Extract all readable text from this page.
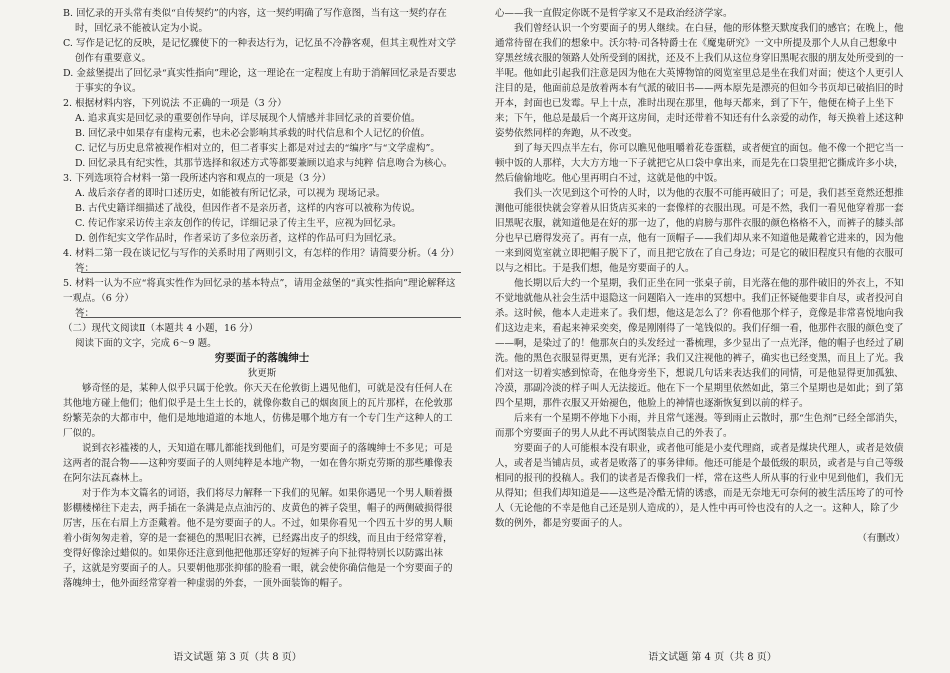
B. 回忆录的开头常有类似“自传契约”的内容，这一契约明确了写作意图，当有这一契约存在时，回忆录不能被认定为小说。

C. 写作是记忆的反映，是记忆骤使下的一种表达行为，记忆虽不冷静客观，但其主观性对文学创作有重要意义。

D. 金兹堡提出了回忆录“真实性指向”理论，这一理论在一定程度上有助于消解回忆录是否要忠于事实的争议。

2. 根据材料内容，下列说法 不正确的一项是（3 分）

A. 追求真实是回忆录的重要创作导向，详尽展现个人情感并非回忆录的首要价值。

B. 回忆录中如果存有虚构元素，也未必会影响其承载的时代信息和个人记忆的价值。

C. 记忆与历史息常被视作相对立的，但二者事实上都是对过去的“编序”与“文学虚构”。

D. 回忆录具有纪实性，其那节选择和叙述方式等都要兼顾以追求与纯粹 信息吻合为核心。

3. 下列选项符合材料一第一段所述内容和观点的一项是（3 分）

A. 战后亲存者的即时口述历史，如能被有所记忆录，可以视为 现场记录。

B. 古代史籍详细描述了战役，但因作者不是亲历者，这样的内容可以被称为传说。

C. 传记作家采访传主亲友创作的传记，详细记录了传主生平，应视为回忆录。

D. 创作纪实文学作品时，作者采访了多位亲历者，这样的作品可归为回忆录。

4. 材料二第一段在谈记忆与写作的关系时用了两则引文，有怎样的作用？请简要分析。（4 分）

答：

5. 材料一认为不应“将真实性作为回忆录的基本特点”，请用金兹堡的“真实性指向”理论解释这一观点。（6 分）

答：

（二）现代文阅读Ⅱ（本题共 4 小题，16 分）

阅读下面的文字，完成 6～9 题。

穷要面子的落魄绅士

狄更斯

够奇怪的是，某种人似乎只属于伦敦。你天天在伦敦街上遇见他们，可就是没有任何人在其他地方碰上他们；他们似乎是土生土长的，就像你数自己的烟囱顶上的瓦片那样，在伦敦那纷繁芜杂的大都市中，他们是地地道道的本地人，仿佛是哪个地方有一个专门生产这种人的工厂似的。

说到衣衫褴褛的人，天知道在哪儿都能找到他们，可是穷要面子的落魄绅士不多见；可是这两者的混合物——这种穷要面子的人则纯粹是本地产物，一如在鲁尔斯克劳斯的那些雕像表在阿尔法瓦森林上。

对于作为本文篇名的词语，我们将尽力解释一下我们的见解。如果你遇见一个男人顺着摄影棚楼梯往下走去，两手插在一条满是点点油污的、皮黄色的裤子袋里，帽子的两侧破损得很厉害，压在右眉上方歪戴着。他不是穷要面子的人。不过，如果你看见一个四五十岁的男人顺着小街匆匆走着，穿的是一套褪色的黑呢旧衣裤，已经露出皮子的织线，而且由于经常穿着，变得好像涂过蜡似的。如果你还注意到他把他那还穿好的短裤子向下扯得特别长以防露出袜子，这就是穷要面子的人。只要朝他那张抑郁的脸看一眼，就会使你确信他是一个穷要面子的落魄绅士，他外面经常穿着一种虚弱的外套，一顶外面装饰的帽子。

语文试题 第 3 页（共 8 页）

心——我一直假定你既不是哲学家又不是政治经济学家。

我们曾经认识一个穷要面子的男人继续。在白昼，他的形体整天默度我们的感官；在晚上，他通常待留在我们的想象中。沃尔特·司各特爵士在《魔鬼研究》一文中所提及那个人从自己想象中穿黑丝绒衣服的领路人处所受到的困扰，还及不上我们从这位身穿旧黑呢衣服的朋友处所受到的一半呢。他如此引起我们注意是因为他在大英博物馆的阅览室里总是坐在我们对面；使这个人更引人注目的是，他面前总是放着两本有气派的破旧书——两本原先是漂亮的但如今书页却已破掐旧的时开本，封面也已发霉。早上十点，准时出现在那里，他每天都来，到了下午，他便在椅子上坐下来；下午，他总是最后一个离开这房间，走时还带着不知还有什么亲爱的动作，每天换着上述这种姿势依然同样的奔跑，从不改变。

到了每天四点半左右，你可以瞧见他咀嚼着花卷蛋糕，或者便宜的面包。他不像一个把它当一顿中饭的人那样，大大方方地一下子就把它从口袋中拿出来，而是先在口袋里把它撕成许多小块，然后偷偷地吃。他心里再明白不过，这就是他的中饭。

我们头一次见到这个可怜的人时，以为他的衣服不可能再破旧了；可是，我们甚至竟然还想推测他可能很快就会穿着从旧货店买来的一套像样的衣服出现。可是不然，我们一看见他穿着那一套旧黑呢衣服，就知道他是在好的那一边了，他的肩膀与那件衣服的颜色格格不入，而裤子的膝头部分也早已磨得发亮了。再有一点，他有一顶帽子——我们却从来不知道他是戴着它进来的，因为他一来到阅览室就立即把帽子脱下了，而且把它放在了自己身边；可是它的破旧程度只有他的衣服可以与之相比。于是我们想，他是穷要面子的人。

他长期以后大约一个星期，我们正坐在同一张桌子前，目光落在他的那件破旧的外衣上，不知不觉地就他从社会生活中退隐这一问题陷入一连串的冥想中。我们正怀疑他要非自尽，或者投河自杀。这时候，他本人走进来了。我们想，他这是怎么了？你看他那个样子，竟像是非常喜悦地向我们这边走来，看起来神采奕奕，像是刚刚得了一笔钱似的。我们仔细一看，他那件衣服的颜色变了——啊，是染过了的！他那灰白的头发经过一番梳理，多少显出了一点光泽，他的帽子也经过了刷洗。他的黑色衣服显得更黑，更有光泽；我们又注视他的裤子，确实也已经变黑，而且上了光。我们对这一切着实感到惊奇，在他身旁坐下，想说几句话来表达我们的同情，可是他显得更加孤独、冷漠，那副冷淡的样子叫人无法接近。他在下一个星期里依然如此，第三个星期也是如此；到了第四个星期，那件衣服又开始褪色，他脸上的神情也逐渐恢复到以前的样子。

后来有一个星期不停地下小雨，并且常气迷漫。等到雨止云散时，那“生色剂”已经全部消失，而那个穷要面子的男人从此不再试图装点自己的外表了。

穷要面子的人可能根本没有职业，或者他可能是小麦代理商，或者是煤块代理人，或者是效债人，或者是当铺店员，或者是败落了的事务律师。他还可能是个最低级的职员，或者是与自己等级相同的报刊的投稿人。我们的读者是否像我们一样，常在这些人所从事的行业中见到他们，我们无从得知；但我们却知道是——这些是冷酷无情的诱惑，而是无奈地无可奈何的被生活压垮了的可怜人（无论他的不幸是他自己还是别人造成的），是人性中再可怜也没有的人之一。这种人，除了少数的例外，都是穷要面子的人。

（有删改）

语文试题 第 4 页（共 8 页）
